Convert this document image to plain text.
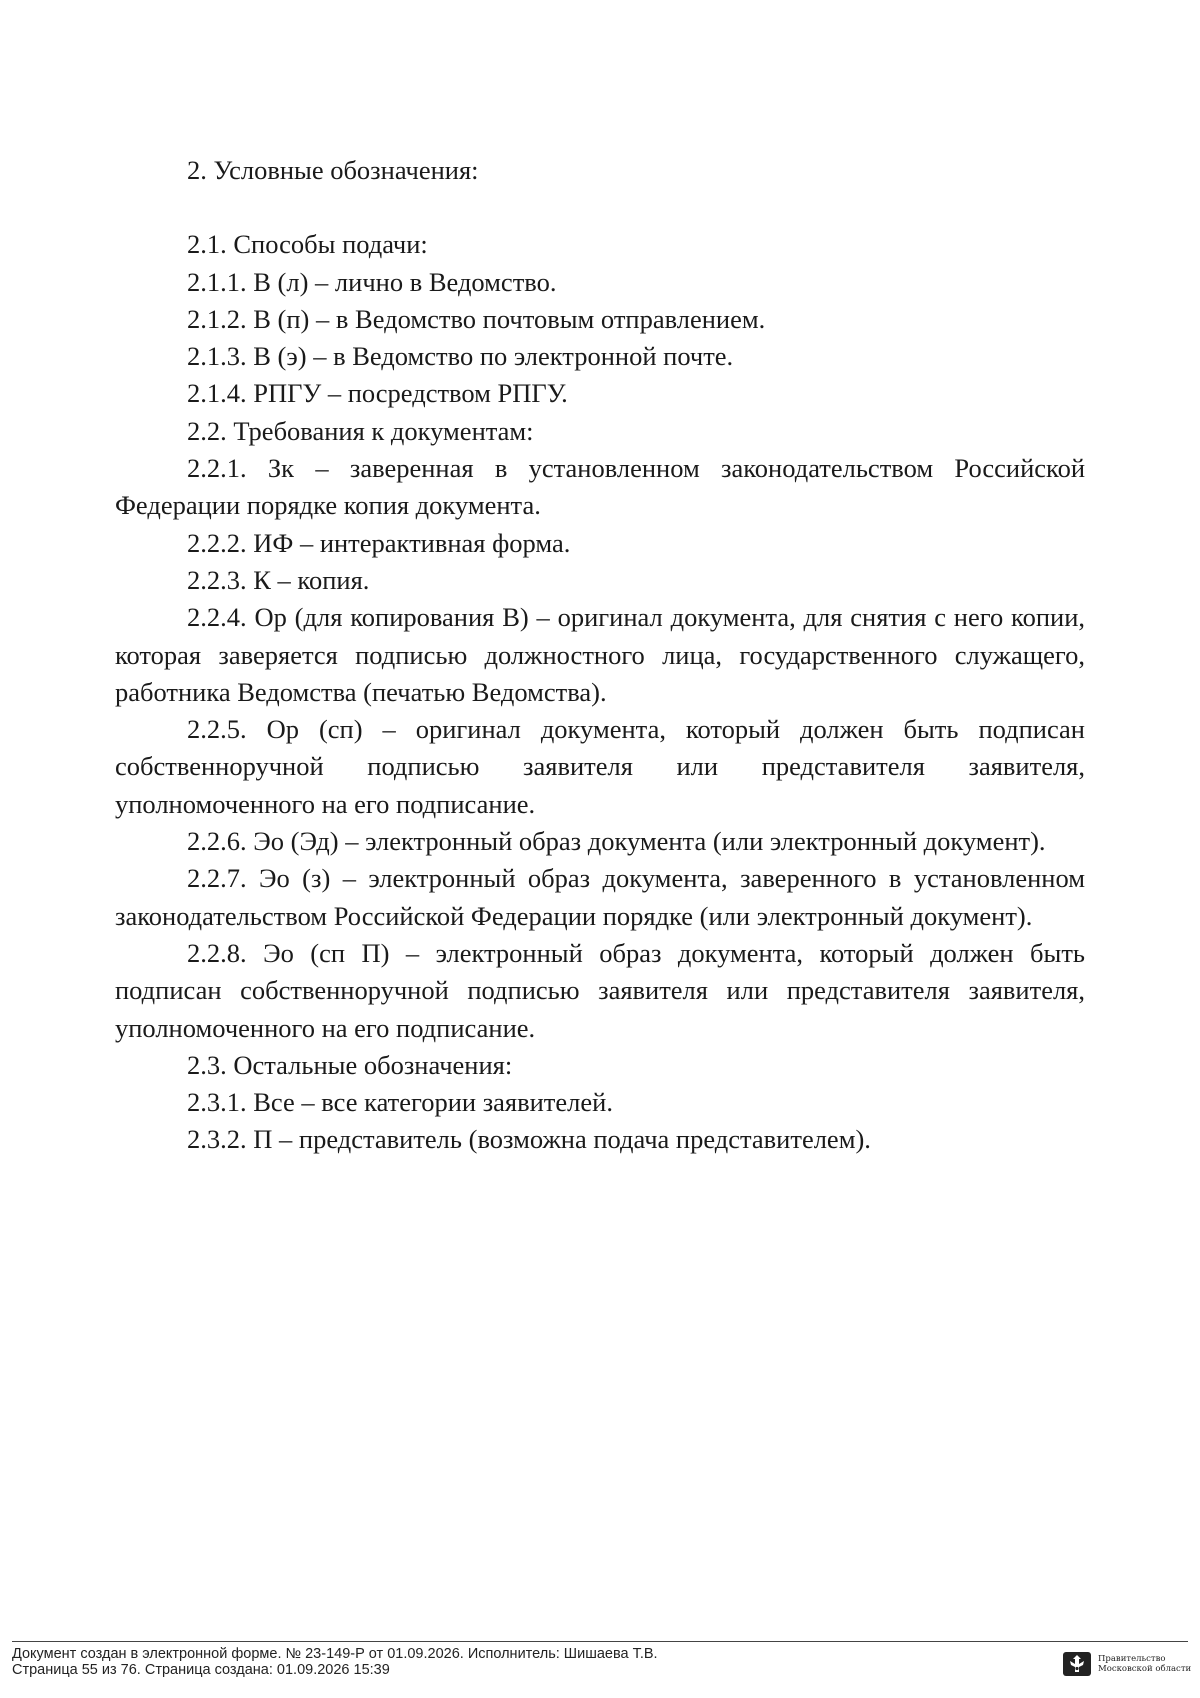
2. Условные обозначения:

2.1. Способы подачи:

2.1.1. В (л) – лично в Ведомство.

2.1.2. В (п) – в Ведомство почтовым отправлением.

2.1.3. В (э) – в Ведомство по электронной почте.

2.1.4. РПГУ – посредством РПГУ.

2.2. Требования к документам:

2.2.1. Зк – заверенная в установленном законодательством Российской Федерации порядке копия документа.

2.2.2. ИФ – интерактивная форма.

2.2.3. К – копия.

2.2.4. Ор (для копирования В) – оригинал документа, для снятия с него копии, которая заверяется подписью должностного лица, государственного служащего, работника Ведомства (печатью Ведомства).

2.2.5. Ор (сп) – оригинал документа, который должен быть подписан собственноручной подписью заявителя или представителя заявителя, уполномоченного на его подписание.

2.2.6. Эо (Эд) – электронный образ документа (или электронный документ).

2.2.7. Эо (з) – электронный образ документа, заверенного в установленном законодательством Российской Федерации порядке (или электронный документ).

2.2.8. Эо (сп П) – электронный образ документа, который должен быть подписан собственноручной подписью заявителя или представителя заявителя, уполномоченного на его подписание.

2.3. Остальные обозначения:

2.3.1. Все – все категории заявителей.

2.3.2. П – представитель (возможна подача представителем).

Документ создан в электронной форме. № 23-149-Р от 01.09.2026. Исполнитель: Шишаева Т.В.
Страница 55 из 76. Страница создана: 01.09.2026 15:39
Правительство
Московской области
